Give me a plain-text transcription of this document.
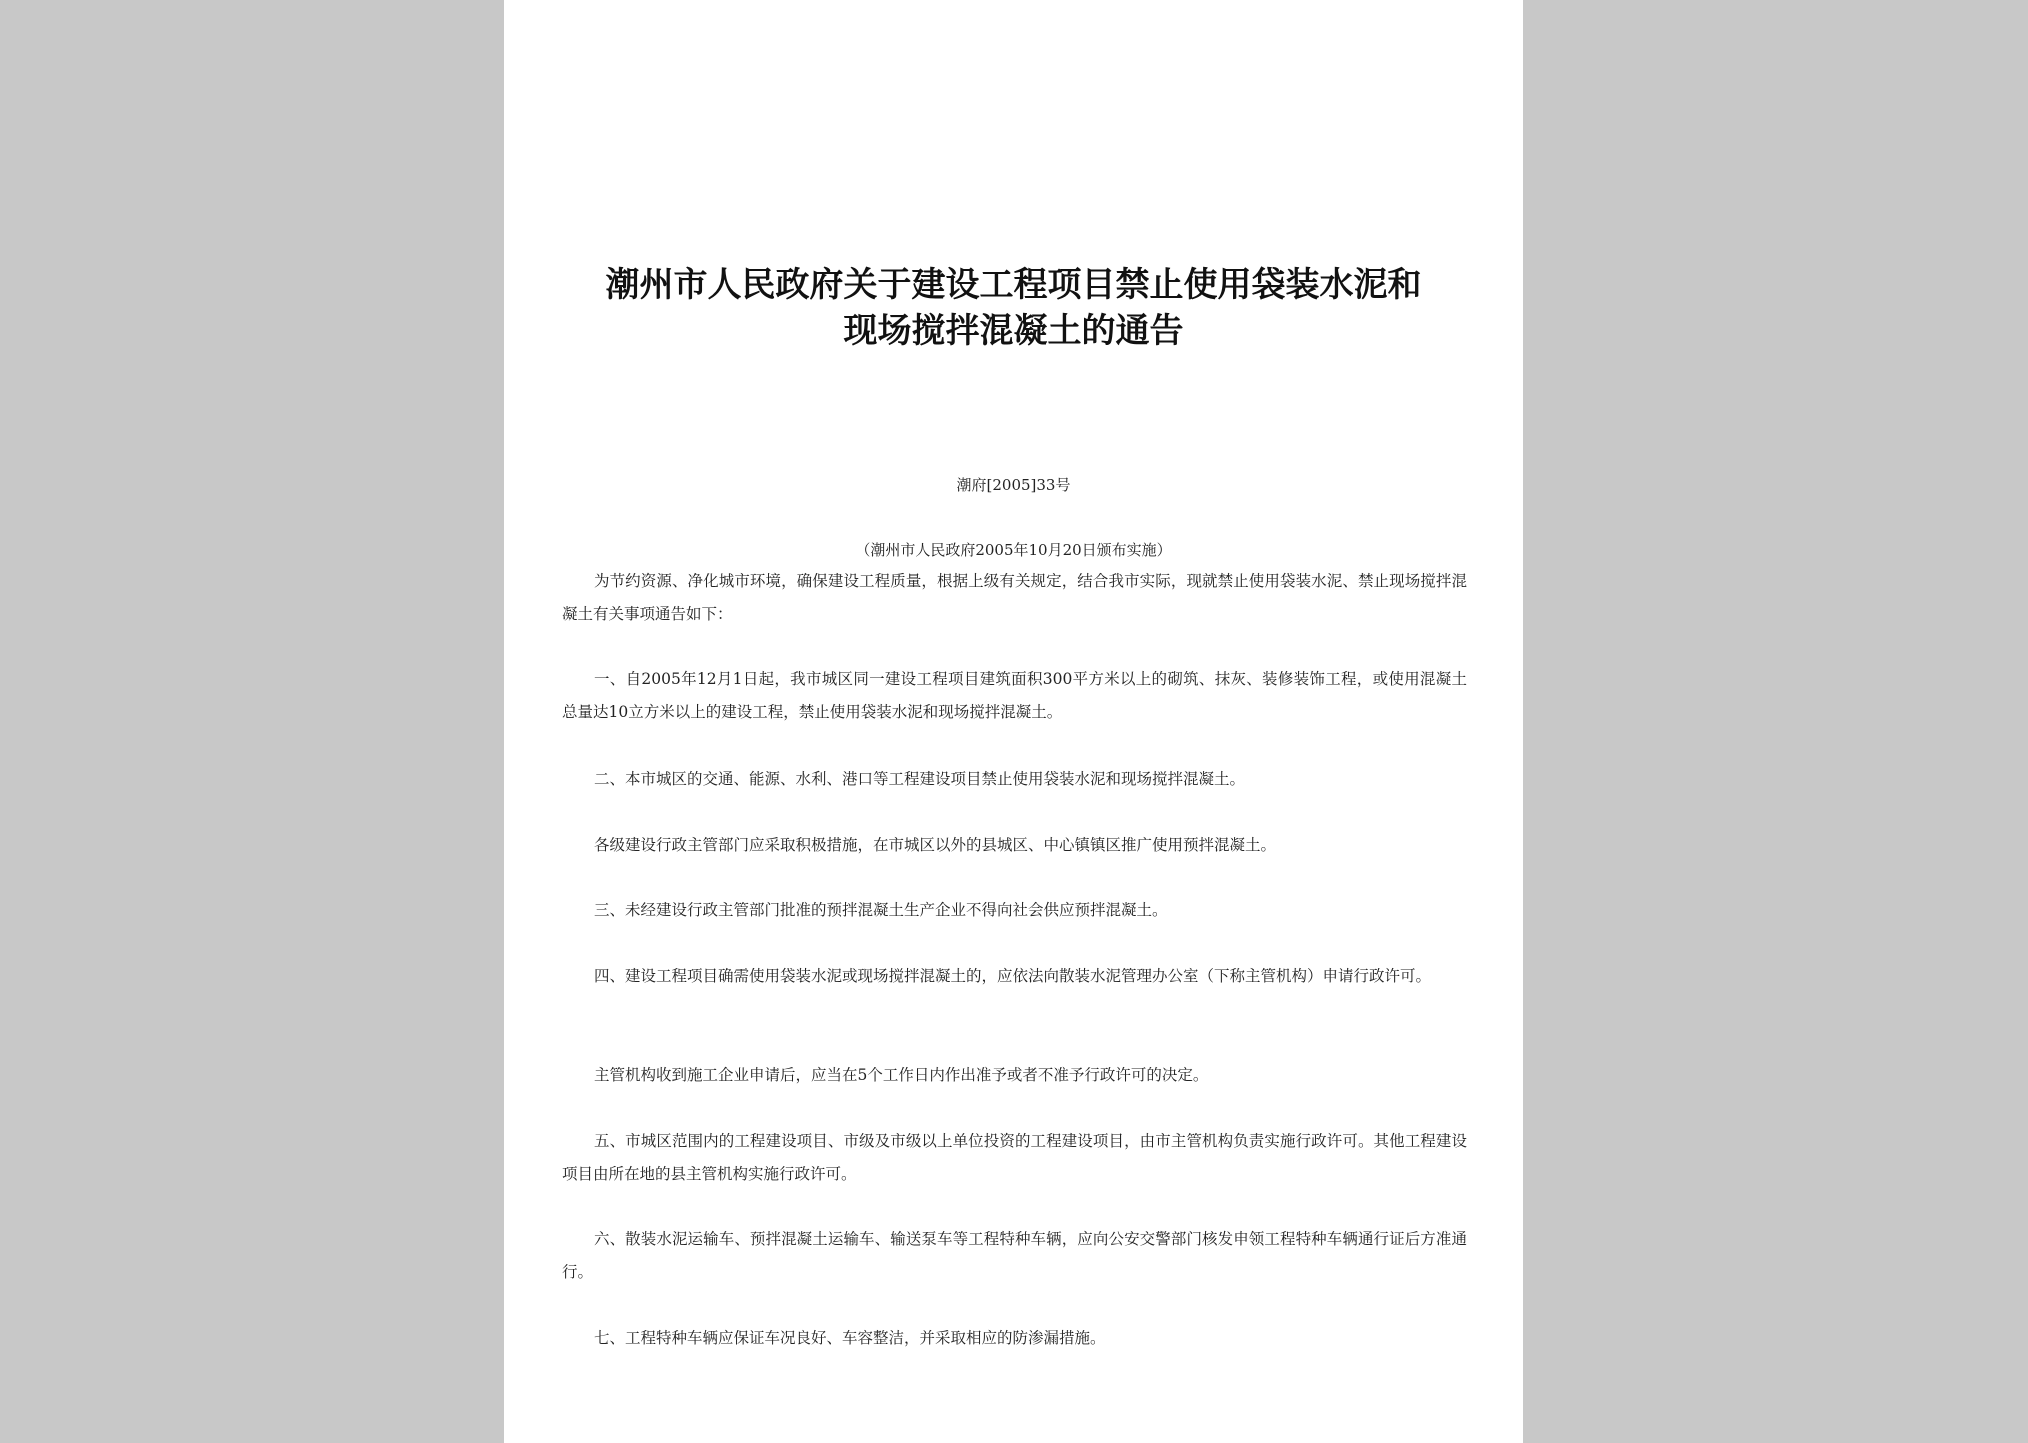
潮州市人民政府关于建设工程项目禁止使用袋装水泥和
现场搅拌混凝土的通告
潮府[2005]33号
（潮州市人民政府2005年10月20日颁布实施）

为节约资源、净化城市环境，确保建设工程质量，根据上级有关规定，结合我市实际，现就禁止使用袋装水泥、禁止现场搅拌混凝土有关事项通告如下：

一、自2005年12月1日起，我市城区同一建设工程项目建筑面积300平方米以上的砌筑、抹灰、装修装饰工程，或使用混凝土总量达10立方米以上的建设工程，禁止使用袋装水泥和现场搅拌混凝土。

二、本市城区的交通、能源、水利、港口等工程建设项目禁止使用袋装水泥和现场搅拌混凝土。

各级建设行政主管部门应采取积极措施，在市城区以外的县城区、中心镇镇区推广使用预拌混凝土。

三、未经建设行政主管部门批准的预拌混凝土生产企业不得向社会供应预拌混凝土。

四、建设工程项目确需使用袋装水泥或现场搅拌混凝土的，应依法向散装水泥管理办公室（下称主管机构）申请行政许可。

主管机构收到施工企业申请后，应当在5个工作日内作出准予或者不准予行政许可的决定。

五、市城区范围内的工程建设项目、市级及市级以上单位投资的工程建设项目，由市主管机构负责实施行政许可。其他工程建设项目由所在地的县主管机构实施行政许可。

六、散装水泥运输车、预拌混凝土运输车、输送泵车等工程特种车辆，应向公安交警部门核发申领工程特种车辆通行证后方准通行。

七、工程特种车辆应保证车况良好、车容整洁，并采取相应的防渗漏措施。
